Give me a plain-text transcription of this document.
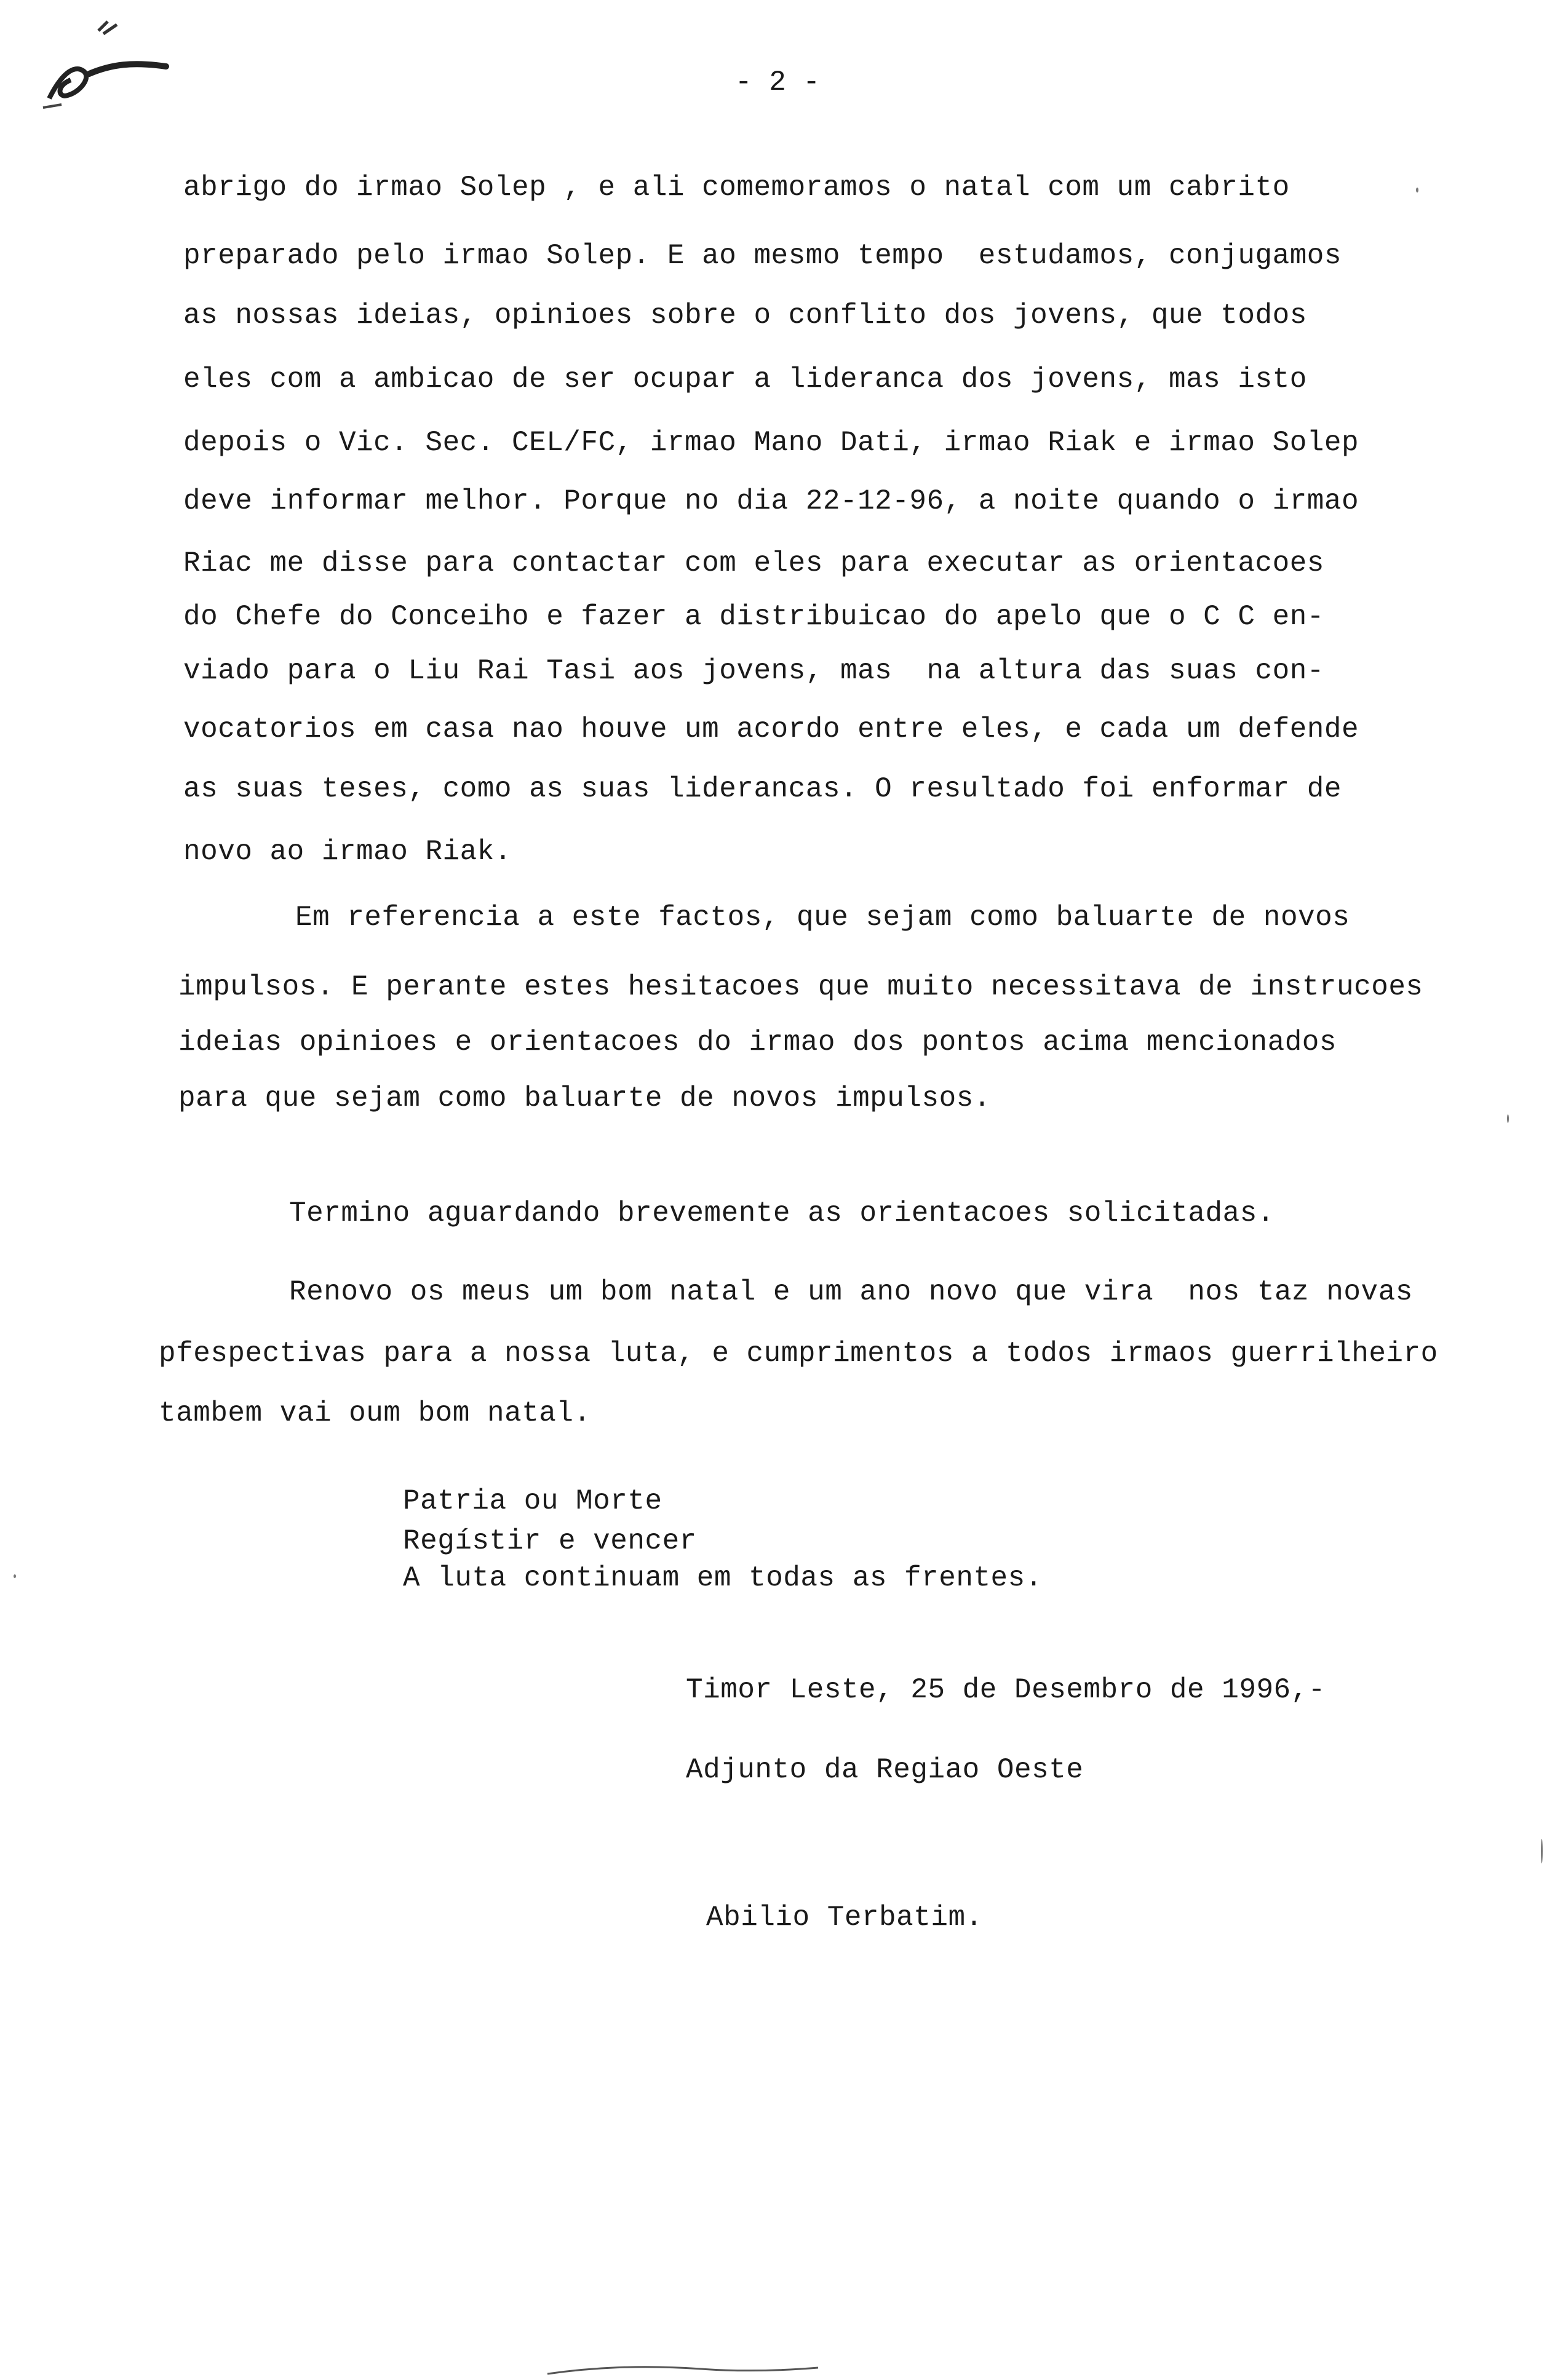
- 2 -
abrigo do irmao Solep , e ali comemoramos o natal com um cabrito
preparado pelo irmao Solep. E ao mesmo tempo  estudamos, conjugamos
as nossas ideias, opinioes sobre o conflito dos jovens, que todos
eles com a ambicao de ser ocupar a lideranca dos jovens, mas isto
depois o Vic. Sec. CEL/FC, irmao Mano Dati, irmao Riak e irmao Solep
deve informar melhor. Porque no dia 22-12-96, a noite quando o irmao
Riac me disse para contactar com eles para executar as orientacoes
do Chefe do Conceiho e fazer a distribuicao do apelo que o C C en-
viado para o Liu Rai Tasi aos jovens, mas  na altura das suas con-
vocatorios em casa nao houve um acordo entre eles, e cada um defende
as suas teses, como as suas liderancas. O resultado foi enformar de
novo ao irmao Riak.
Em referencia a este factos, que sejam como baluarte de novos
impulsos. E perante estes hesitacoes que muito necessitava de instrucoes
ideias opinioes e orientacoes do irmao dos pontos acima mencionados
para que sejam como baluarte de novos impulsos.
Termino aguardando brevemente as orientacoes solicitadas.
Renovo os meus um bom natal e um ano novo que vira  nos taz novas
pfespectivas para a nossa luta, e cumprimentos a todos irmaos guerrilheiro
tambem vai oum bom natal.
Patria ou Morte
Regístir e vencer
A luta continuam em todas as frentes.
Timor Leste, 25 de Desembro de 1996,-
Adjunto da Regiao Oeste
Abilio Terbatim.
